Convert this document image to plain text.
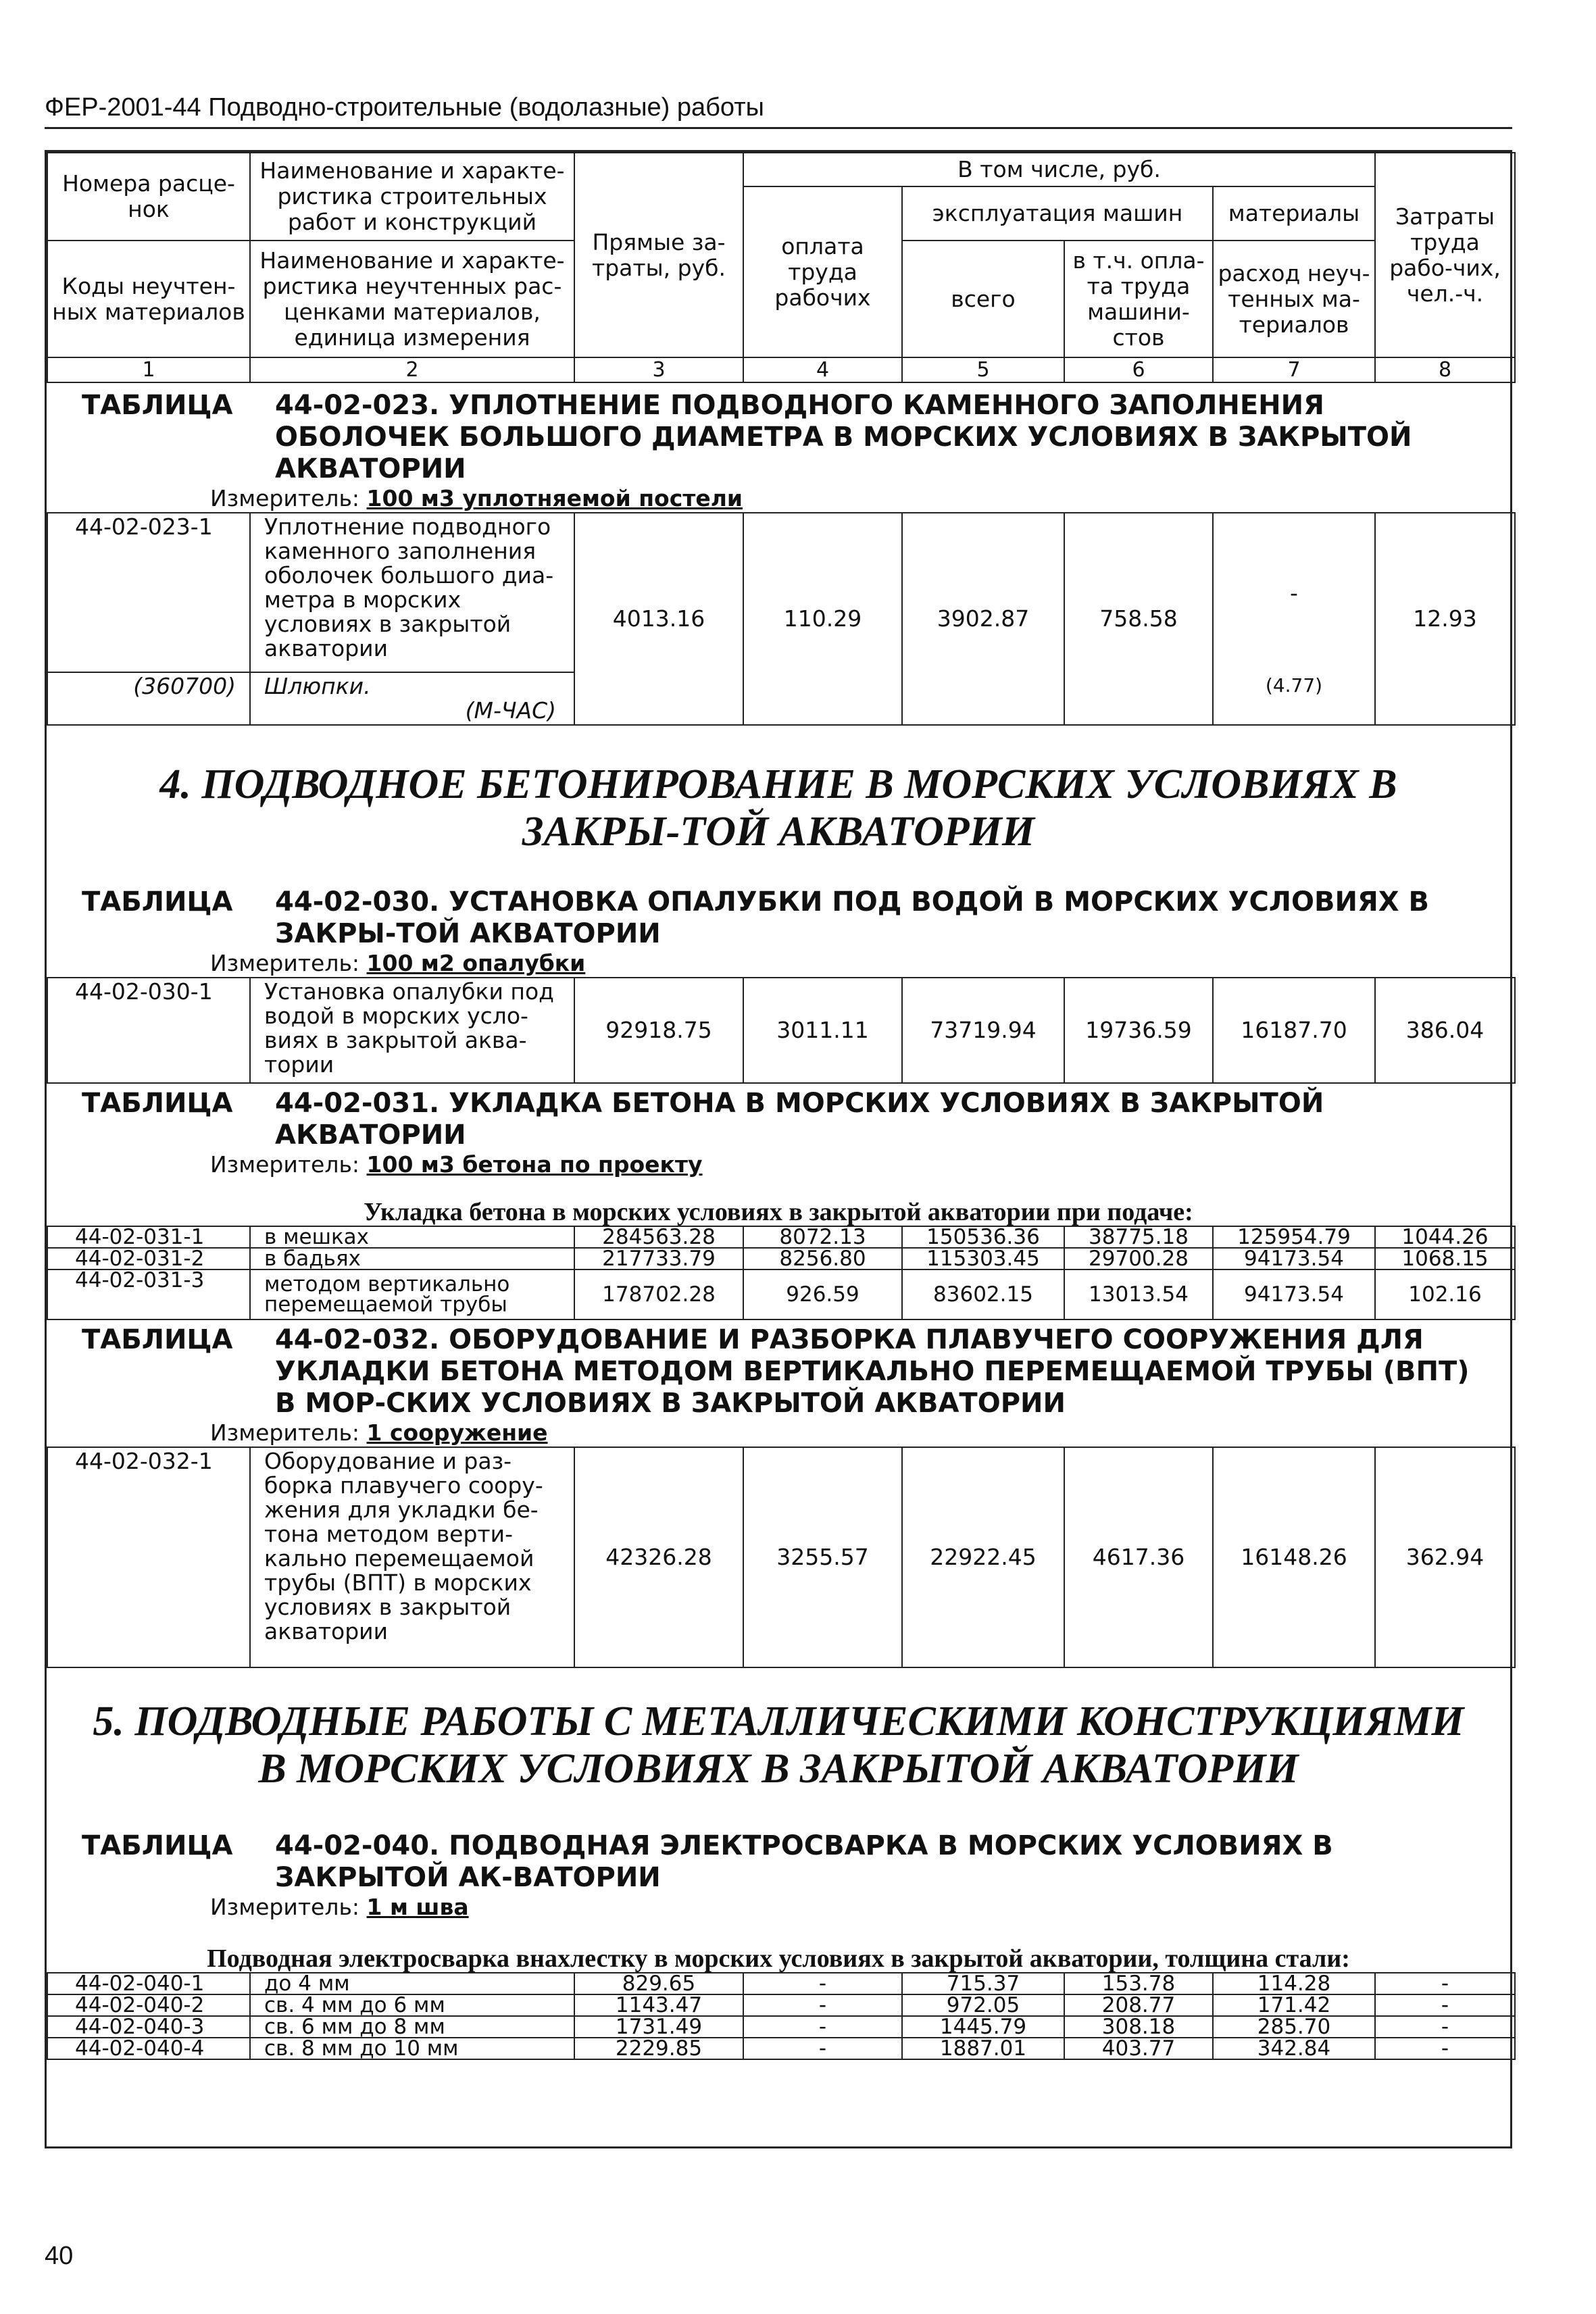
ФЕР-2001-44 Подводно-строительные (водолазные) работы
Номера расце-нок	Наименование и характе-ристика строительных работ и конструкций	Прямые за-траты, руб.	В том числе, руб.				Затраты труда рабо-чих, чел.-ч.
			оплата труда рабочих	эксплуатация машин		материалы	
Коды неучтен-ных материалов	Наименование и характе-ристика неучтенных рас-ценками материалов, единица измерения			всего	в т.ч. опла-та труда машини-стов	расход неуч-тенных ма-териалов	

1	2	3	4	5	6	7	8
ТАБЛИЦА	44-02-023. УПЛОТНЕНИЕ ПОДВОДНОГО КАМЕННОГО ЗАПОЛНЕНИЯ ОБОЛОЧЕК БОЛЬШОГО ДИАМЕТРА В МОРСКИХ УСЛОВИЯХ В ЗАКРЫТОЙ АКВАТОРИИ
Измеритель: 100 м3 уплотняемой постели
44-02-023-1	Уплотнение подводного каменного заполнения оболочек большого диа-метра в морских условиях в закрытой акватории	4013.16	110.29	3902.87	758.58	-	12.93
(360700)	Шлюпки.
(М-ЧАС)					(4.77)	
4. ПОДВОДНОЕ БЕТОНИРОВАНИЕ В МОРСКИХ УСЛОВИЯХ В ЗАКРЫ-ТОЙ АКВАТОРИИ
ТАБЛИЦА	44-02-030. УСТАНОВКА ОПАЛУБКИ ПОД ВОДОЙ В МОРСКИХ УСЛОВИЯХ В ЗАКРЫ-ТОЙ АКВАТОРИИ
Измеритель: 100 м2 опалубки
44-02-030-1	Установка опалубки под водой в морских усло-виях в закрытой аква-тории	92918.75	3011.11	73719.94	19736.59	16187.70	386.04
ТАБЛИЦА	44-02-031. УКЛАДКА БЕТОНА В МОРСКИХ УСЛОВИЯХ В ЗАКРЫТОЙ АКВАТОРИИ
Измеритель: 100 м3 бетона по проекту
Укладка бетона в морских условиях в закрытой акватории при подаче:
44-02-031-1	в мешках	284563.28	8072.13	150536.36	38775.18	125954.79	1044.26
44-02-031-2	в бадьях	217733.79	8256.80	115303.45	29700.28	94173.54	1068.15
44-02-031-3	методом вертикально перемещаемой трубы	178702.28	926.59	83602.15	13013.54	94173.54	102.16
ТАБЛИЦА	44-02-032. ОБОРУДОВАНИЕ И РАЗБОРКА ПЛАВУЧЕГО СООРУЖЕНИЯ ДЛЯ УКЛАДКИ БЕТОНА МЕТОДОМ ВЕРТИКАЛЬНО ПЕРЕМЕЩАЕМОЙ ТРУБЫ (ВПТ) В МОР-СКИХ УСЛОВИЯХ В ЗАКРЫТОЙ АКВАТОРИИ
Измеритель: 1 сооружение
44-02-032-1	Оборудование и раз-борка плавучего соору-жения для укладки бе-тона методом верти-кально перемещаемой трубы (ВПТ) в морских условиях в закрытой акватории	42326.28	3255.57	22922.45	4617.36	16148.26	362.94
5. ПОДВОДНЫЕ РАБОТЫ С МЕТАЛЛИЧЕСКИМИ КОНСТРУКЦИЯМИ В МОРСКИХ УСЛОВИЯХ В ЗАКРЫТОЙ АКВАТОРИИ
ТАБЛИЦА	44-02-040. ПОДВОДНАЯ ЭЛЕКТРОСВАРКА В МОРСКИХ УСЛОВИЯХ В ЗАКРЫТОЙ АК-ВАТОРИИ
Измеритель: 1 м шва
Подводная электросварка внахлестку в морских условиях в закрытой акватории, толщина стали:
44-02-040-1	до 4 мм	829.65	-	715.37	153.78	114.28	-
44-02-040-2	св. 4 мм до 6 мм	1143.47	-	972.05	208.77	171.42	-
44-02-040-3	св. 6 мм до 8 мм	1731.49	-	1445.79	308.18	285.70	-
44-02-040-4	св. 8 мм до 10 мм	2229.85	-	1887.01	403.77	342.84	-
40
